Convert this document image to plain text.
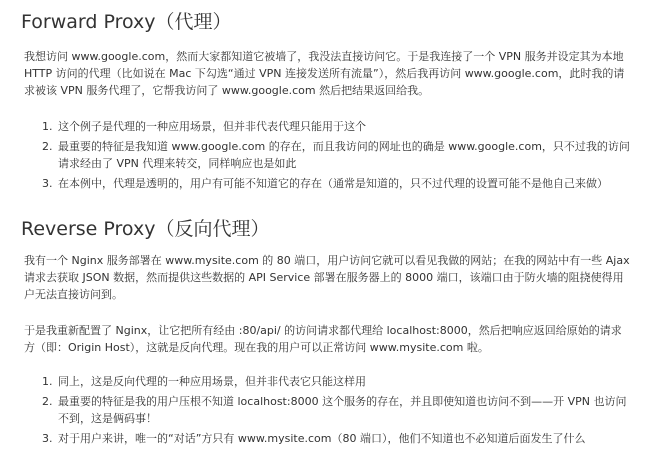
Forward Proxy（代理）

我想访问 www.google.com，然而大家都知道它被墙了，我没法直接访问它。于是我连接了一个 VPN 服务并设定其为本地 HTTP 访问的代理（比如说在 Mac 下勾选“通过 VPN 连接发送所有流量”），然后我再访问 www.google.com，此时我的请求被该 VPN 服务代理了，它帮我访问了 www.google.com 然后把结果返回给我。

1. 这个例子是代理的一种应用场景，但并非代表代理只能用于这个
2. 最重要的特征是我知道 www.google.com 的存在，而且我访问的网址也的确是 www.google.com，只不过我的访问请求经由了 VPN 代理来转交，同样响应也是如此
3. 在本例中，代理是透明的，用户有可能不知道它的存在（通常是知道的，只不过代理的设置可能不是他自己来做）
Reverse Proxy（反向代理）

我有一个 Nginx 服务部署在 www.mysite.com 的 80 端口，用户访问它就可以看见我做的网站；在我的网站中有一些 Ajax 请求去获取 JSON 数据，然而提供这些数据的 API Service 部署在服务器上的 8000 端口，该端口由于防火墙的阻挠使得用户无法直接访问到。

于是我重新配置了 Nginx，让它把所有经由 :80/api/ 的访问请求都代理给 localhost:8000，然后把响应返回给原始的请求方（即：Origin Host），这就是反向代理。现在我的用户可以正常访问 www.mysite.com 啦。

1. 同上，这是反向代理的一种应用场景，但并非代表它只能这样用
2. 最重要的特征是我的用户压根不知道 localhost:8000 这个服务的存在，并且即使知道也访问不到——开 VPN 也访问不到，这是俩码事！
3. 对于用户来讲，唯一的“对话”方只有 www.mysite.com（80 端口），他们不知道也不必知道后面发生了什么
